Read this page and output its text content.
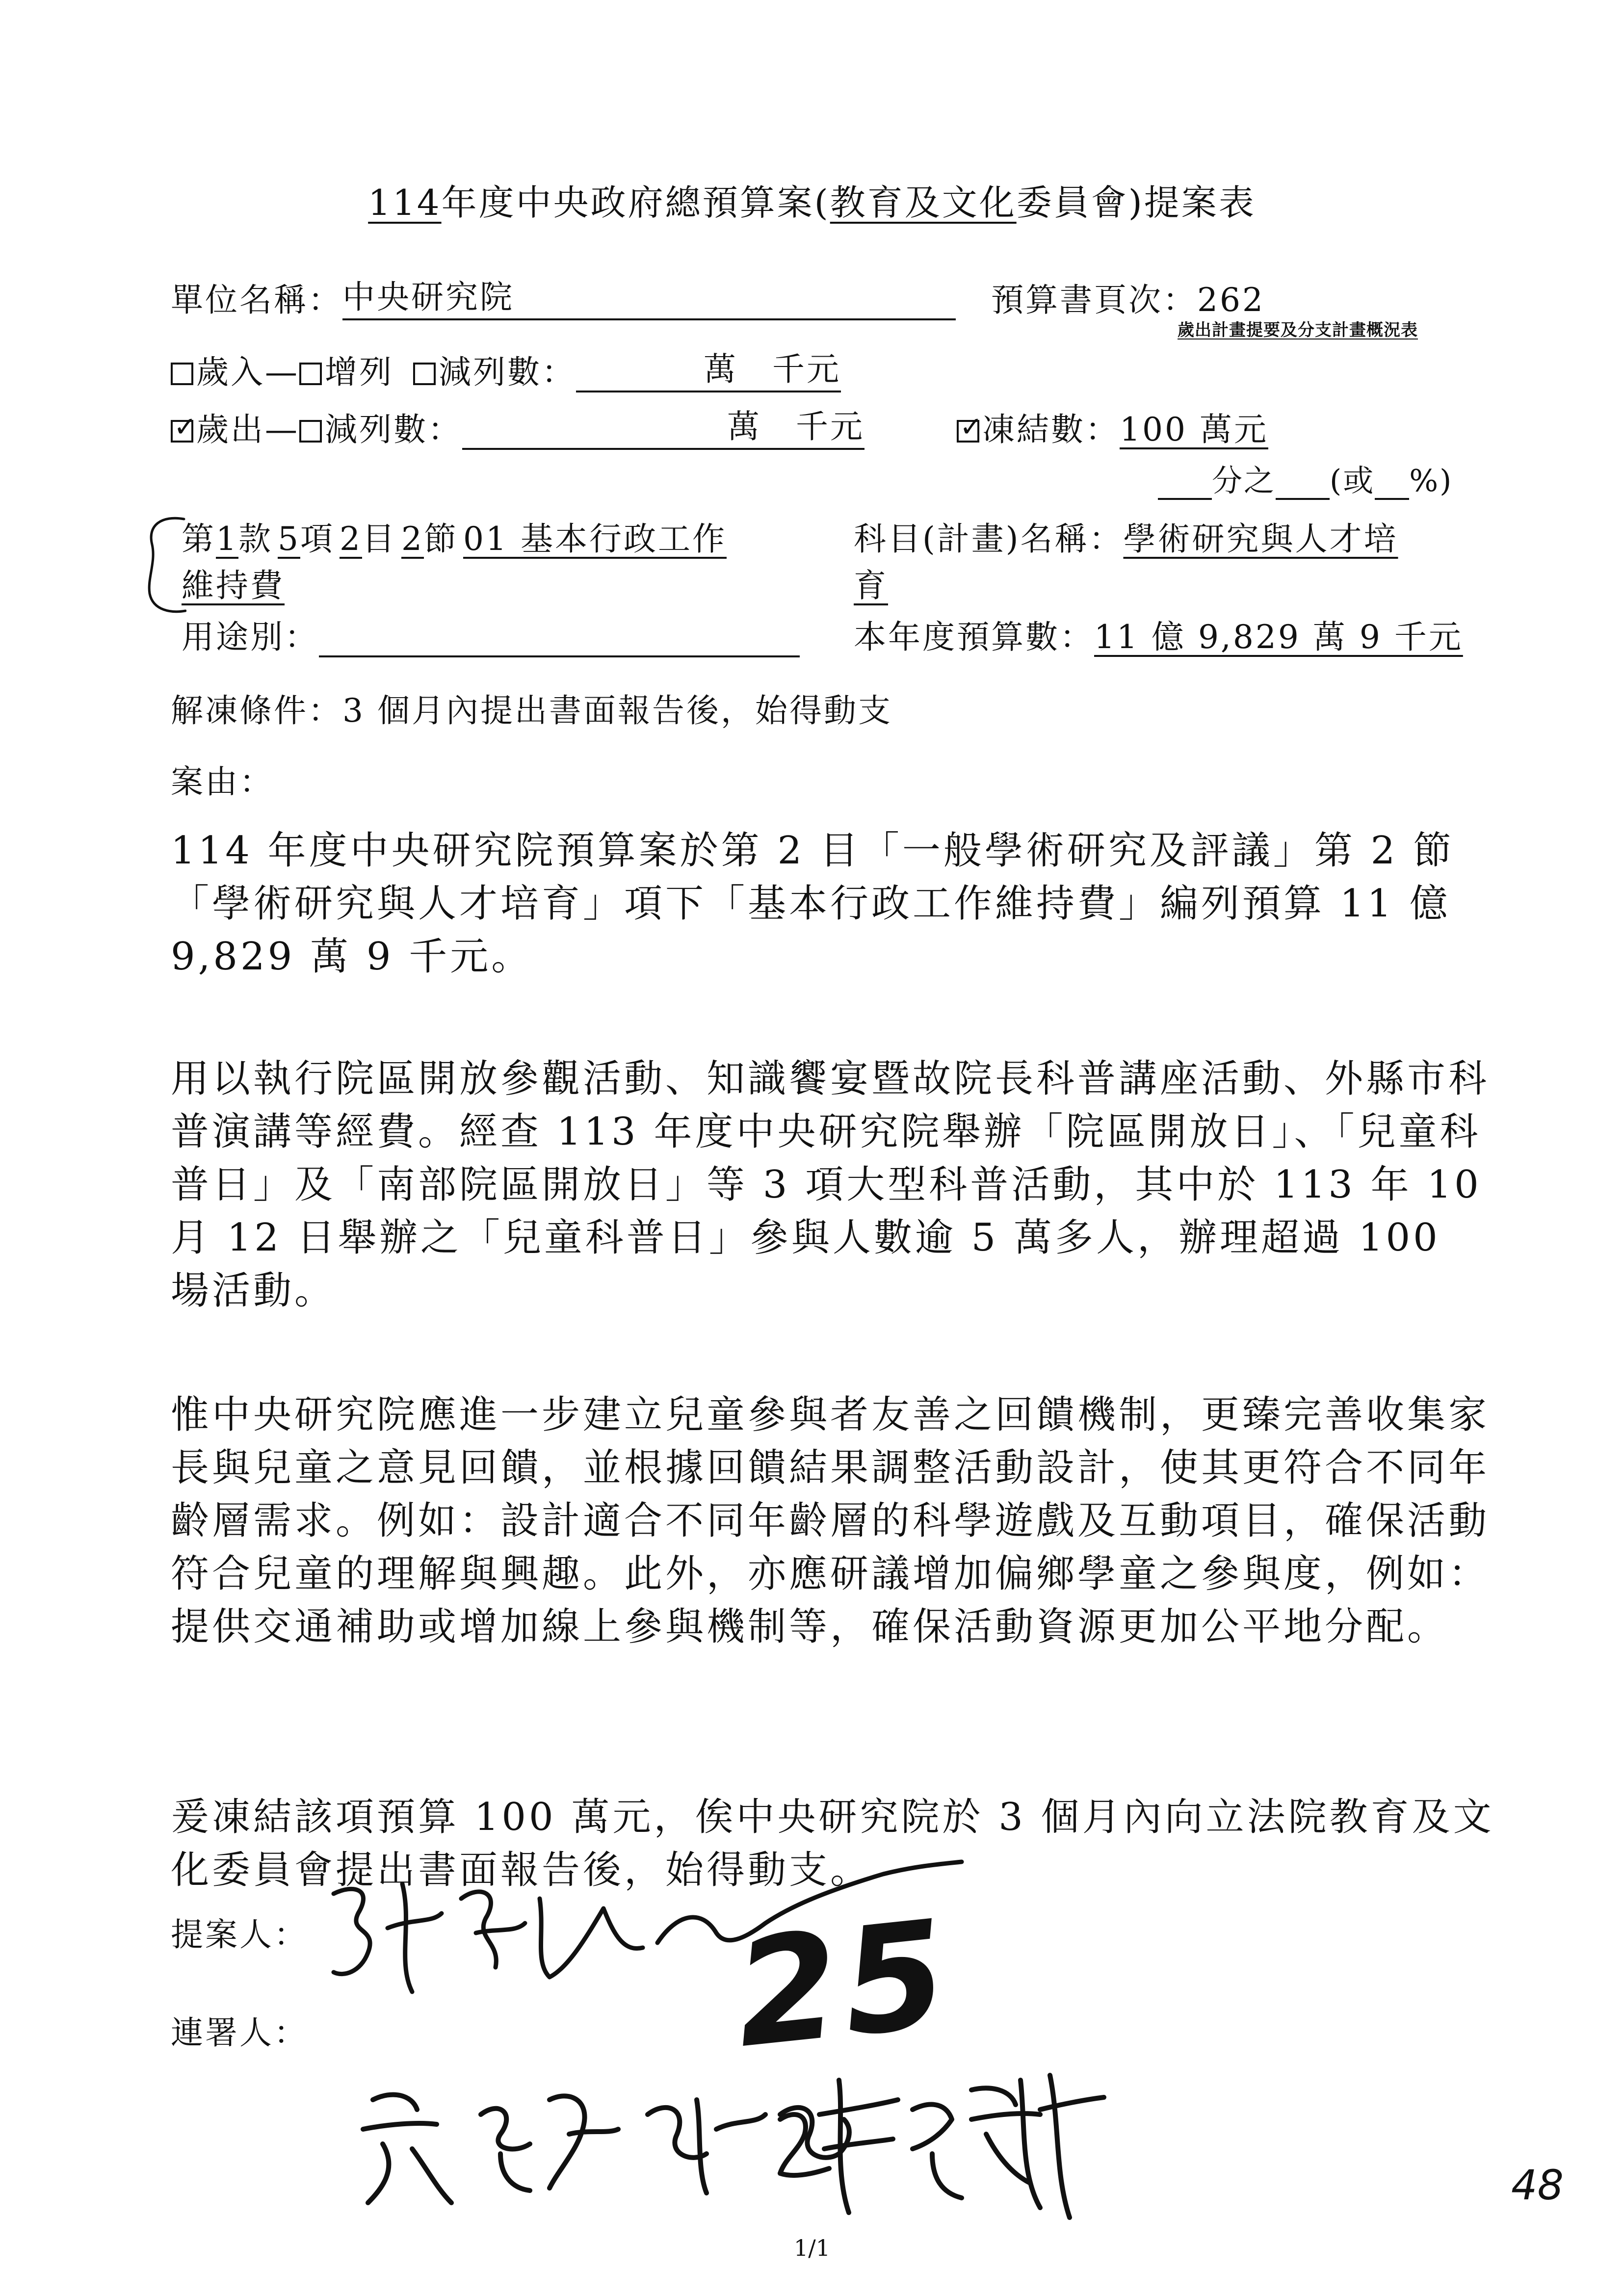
114年度中央政府總預算案(教育及文化委員會)提案表
單位名稱： 中央研究院	預算書頁次：262
歲出計畫提要及分支計畫概況表
歲入— 增列 減列數：	萬　千元
✓歲出— 減列數：	萬　千元
✓	凍結數：100 萬元
分之 (或 %)
第1款 5項 2目 2節 01 基本行政工作
維持費
科目(計畫)名稱：學術研究與人才培
育
用途別：	本年度預算數：11 億 9,829 萬 9 千元
解凍條件：3 個月內提出書面報告後，始得動支
案由：

114 年度中央研究院預算案於第 2 目「一般學術研究及評議」第 2 節「學術研究與人才培育」項下「基本行政工作維持費」編列預算 11 億 9,829 萬 9 千元。

用以執行院區開放參觀活動、知識饗宴暨故院長科普講座活動、外縣市科普演講等經費。經查 113 年度中央研究院舉辦「院區開放日」、「兒童科普日」及「南部院區開放日」等 3 項大型科普活動，其中於 113 年 10 月 12 日舉辦之「兒童科普日」參與人數逾 5 萬多人，辦理超過 100 場活動。

惟中央研究院應進一步建立兒童參與者友善之回饋機制，更臻完善收集家長與兒童之意見回饋，並根據回饋結果調整活動設計，使其更符合不同年齡層需求。例如：設計適合不同年齡層的科學遊戲及互動項目，確保活動符合兒童的理解與興趣。此外，亦應研議增加偏鄉學童之參與度，例如：提供交通補助或增加線上參與機制等，確保活動資源更加公平地分配。

爰凍結該項預算 100 萬元，俟中央研究院於 3 個月內向立法院教育及文化委員會提出書面報告後，始得動支。

提案人：
連署人：	25
48
1/1
